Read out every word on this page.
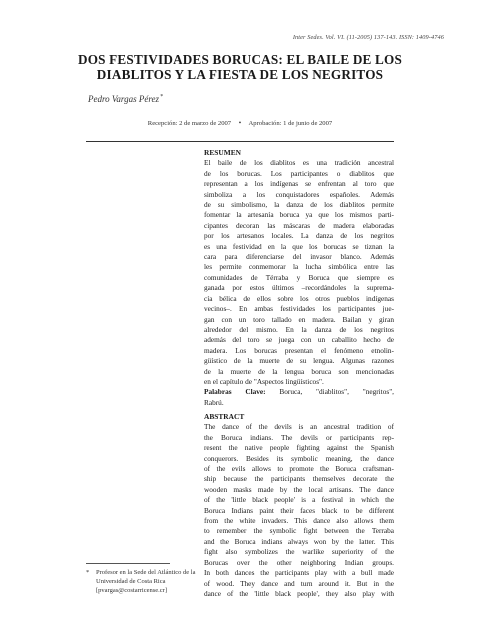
Inter Sedes. Vol. VI. (11-2005) 137-143. ISSN: 1409-4746
DOS FESTIVIDADES BORUCAS: EL BAILE DE LOS
DIABLITOS Y LA FIESTA DE LOS NEGRITOS
Pedro Vargas Pérez*
Recepción: 2 de marzo de 2007 • Aprobación: 1 de junio de 2007
RESUMEN
El baile de los diablitos es una tradición ancestral
de los borucas. Los participantes o diablitos que
representan a los indígenas se enfrentan al toro que
simboliza a los conquistadores españoles. Además
de su simbolismo, la danza de los diablitos permite
fomentar la artesanía boruca ya que los mismos parti-
cipantes decoran las máscaras de madera elaboradas
por los artesanos locales. La danza de los negritos
es una festividad en la que los borucas se tiznan la
cara para diferenciarse del invasor blanco. Además
les permite conmemorar la lucha simbólica entre las
comunidades de Térraba y Boruca que siempre es
ganada por estos últimos –recordándoles la suprema-
cía bélica de ellos sobre los otros pueblos indígenas
vecinos–. En ambas festividades los participantes jue-
gan con un toro tallado en madera. Bailan y giran
alrededor del mismo. En la danza de los negritos
además del toro se juega con un caballito hecho de
madera. Los borucas presentan el fenómeno etnolin-
güístico de la muerte de su lengua. Algunas razones
de la muerte de la lengua boruca son mencionadas
en el capítulo de "Aspectos lingüísticos".
Palabras Clave: Boruca, "diablitos", "negritos",
Rabrú.
ABSTRACT
The dance of the devils is an ancestral tradition of
the Boruca indians. The devils or participants rep-
resent the native people fighting against the Spanish
conquerors. Besides its symbolic meaning, the dance
of the evils allows to promote the Boruca craftsman-
ship because the participants themselves decorate the
wooden masks made by the local artisans. The dance
of the 'little black people' is a festival in which the
Boruca Indians paint their faces black to be different
from the white invaders. This dance also allows them
to remember the symbolic fight between the Terraba
and the Boruca indians always won by the latter. This
fight also symbolizes the warlike superiority of the
Borucas over the other neighboring Indian groups.
In both dances the participants play with a bull made
of wood. They dance and turn around it. But in the
dance of the 'little black people', they also play with
*	Profesor en la Sede del Atlántico de la
Universidad de Costa Rica
[pvargas@costarricense.cr]
